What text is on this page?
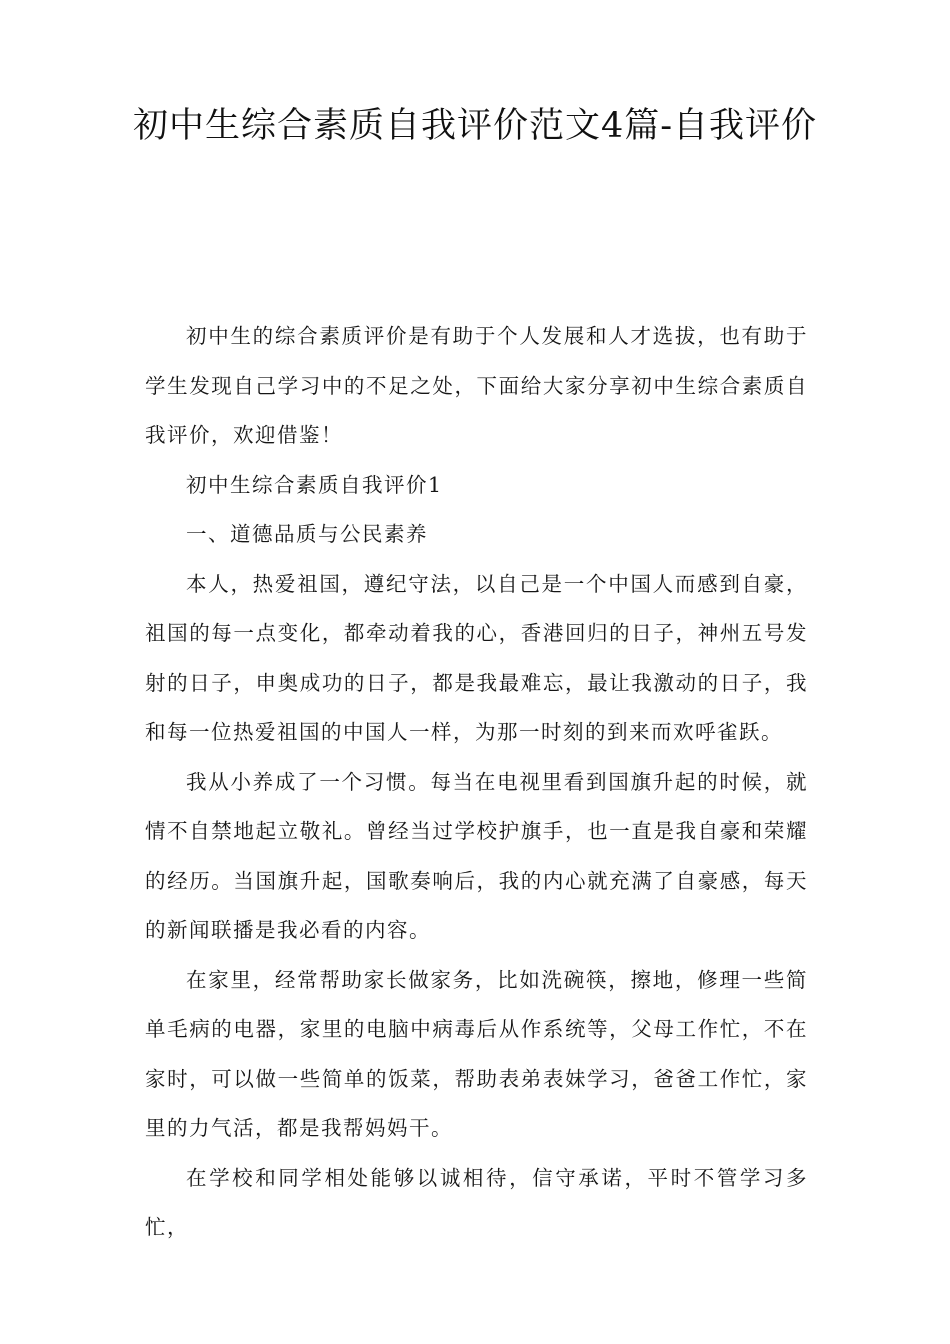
初中生综合素质自我评价范文4篇-自我评价

初中生的综合素质评价是有助于个人发展和人才选拔，也有助于学生发现自己学习中的不足之处，下面给大家分享初中生综合素质自我评价，欢迎借鉴！

初中生综合素质自我评价1

一、道德品质与公民素养

本人，热爱祖国，遵纪守法，以自己是一个中国人而感到自豪，祖国的每一点变化，都牵动着我的心，香港回归的日子，神州五号发射的日子，申奥成功的日子，都是我最难忘，最让我激动的日子，我和每一位热爱祖国的中国人一样，为那一时刻的到来而欢呼雀跃。

我从小养成了一个习惯。每当在电视里看到国旗升起的时候，就情不自禁地起立敬礼。曾经当过学校护旗手，也一直是我自豪和荣耀的经历。当国旗升起，国歌奏响后，我的内心就充满了自豪感，每天的新闻联播是我必看的内容。

在家里，经常帮助家长做家务，比如洗碗筷，擦地，修理一些简单毛病的电器，家里的电脑中病毒后从作系统等，父母工作忙，不在家时，可以做一些简单的饭菜，帮助表弟表妹学习，爸爸工作忙，家里的力气活，都是我帮妈妈干。

在学校和同学相处能够以诚相待，信守承诺，平时不管学习多忙，
